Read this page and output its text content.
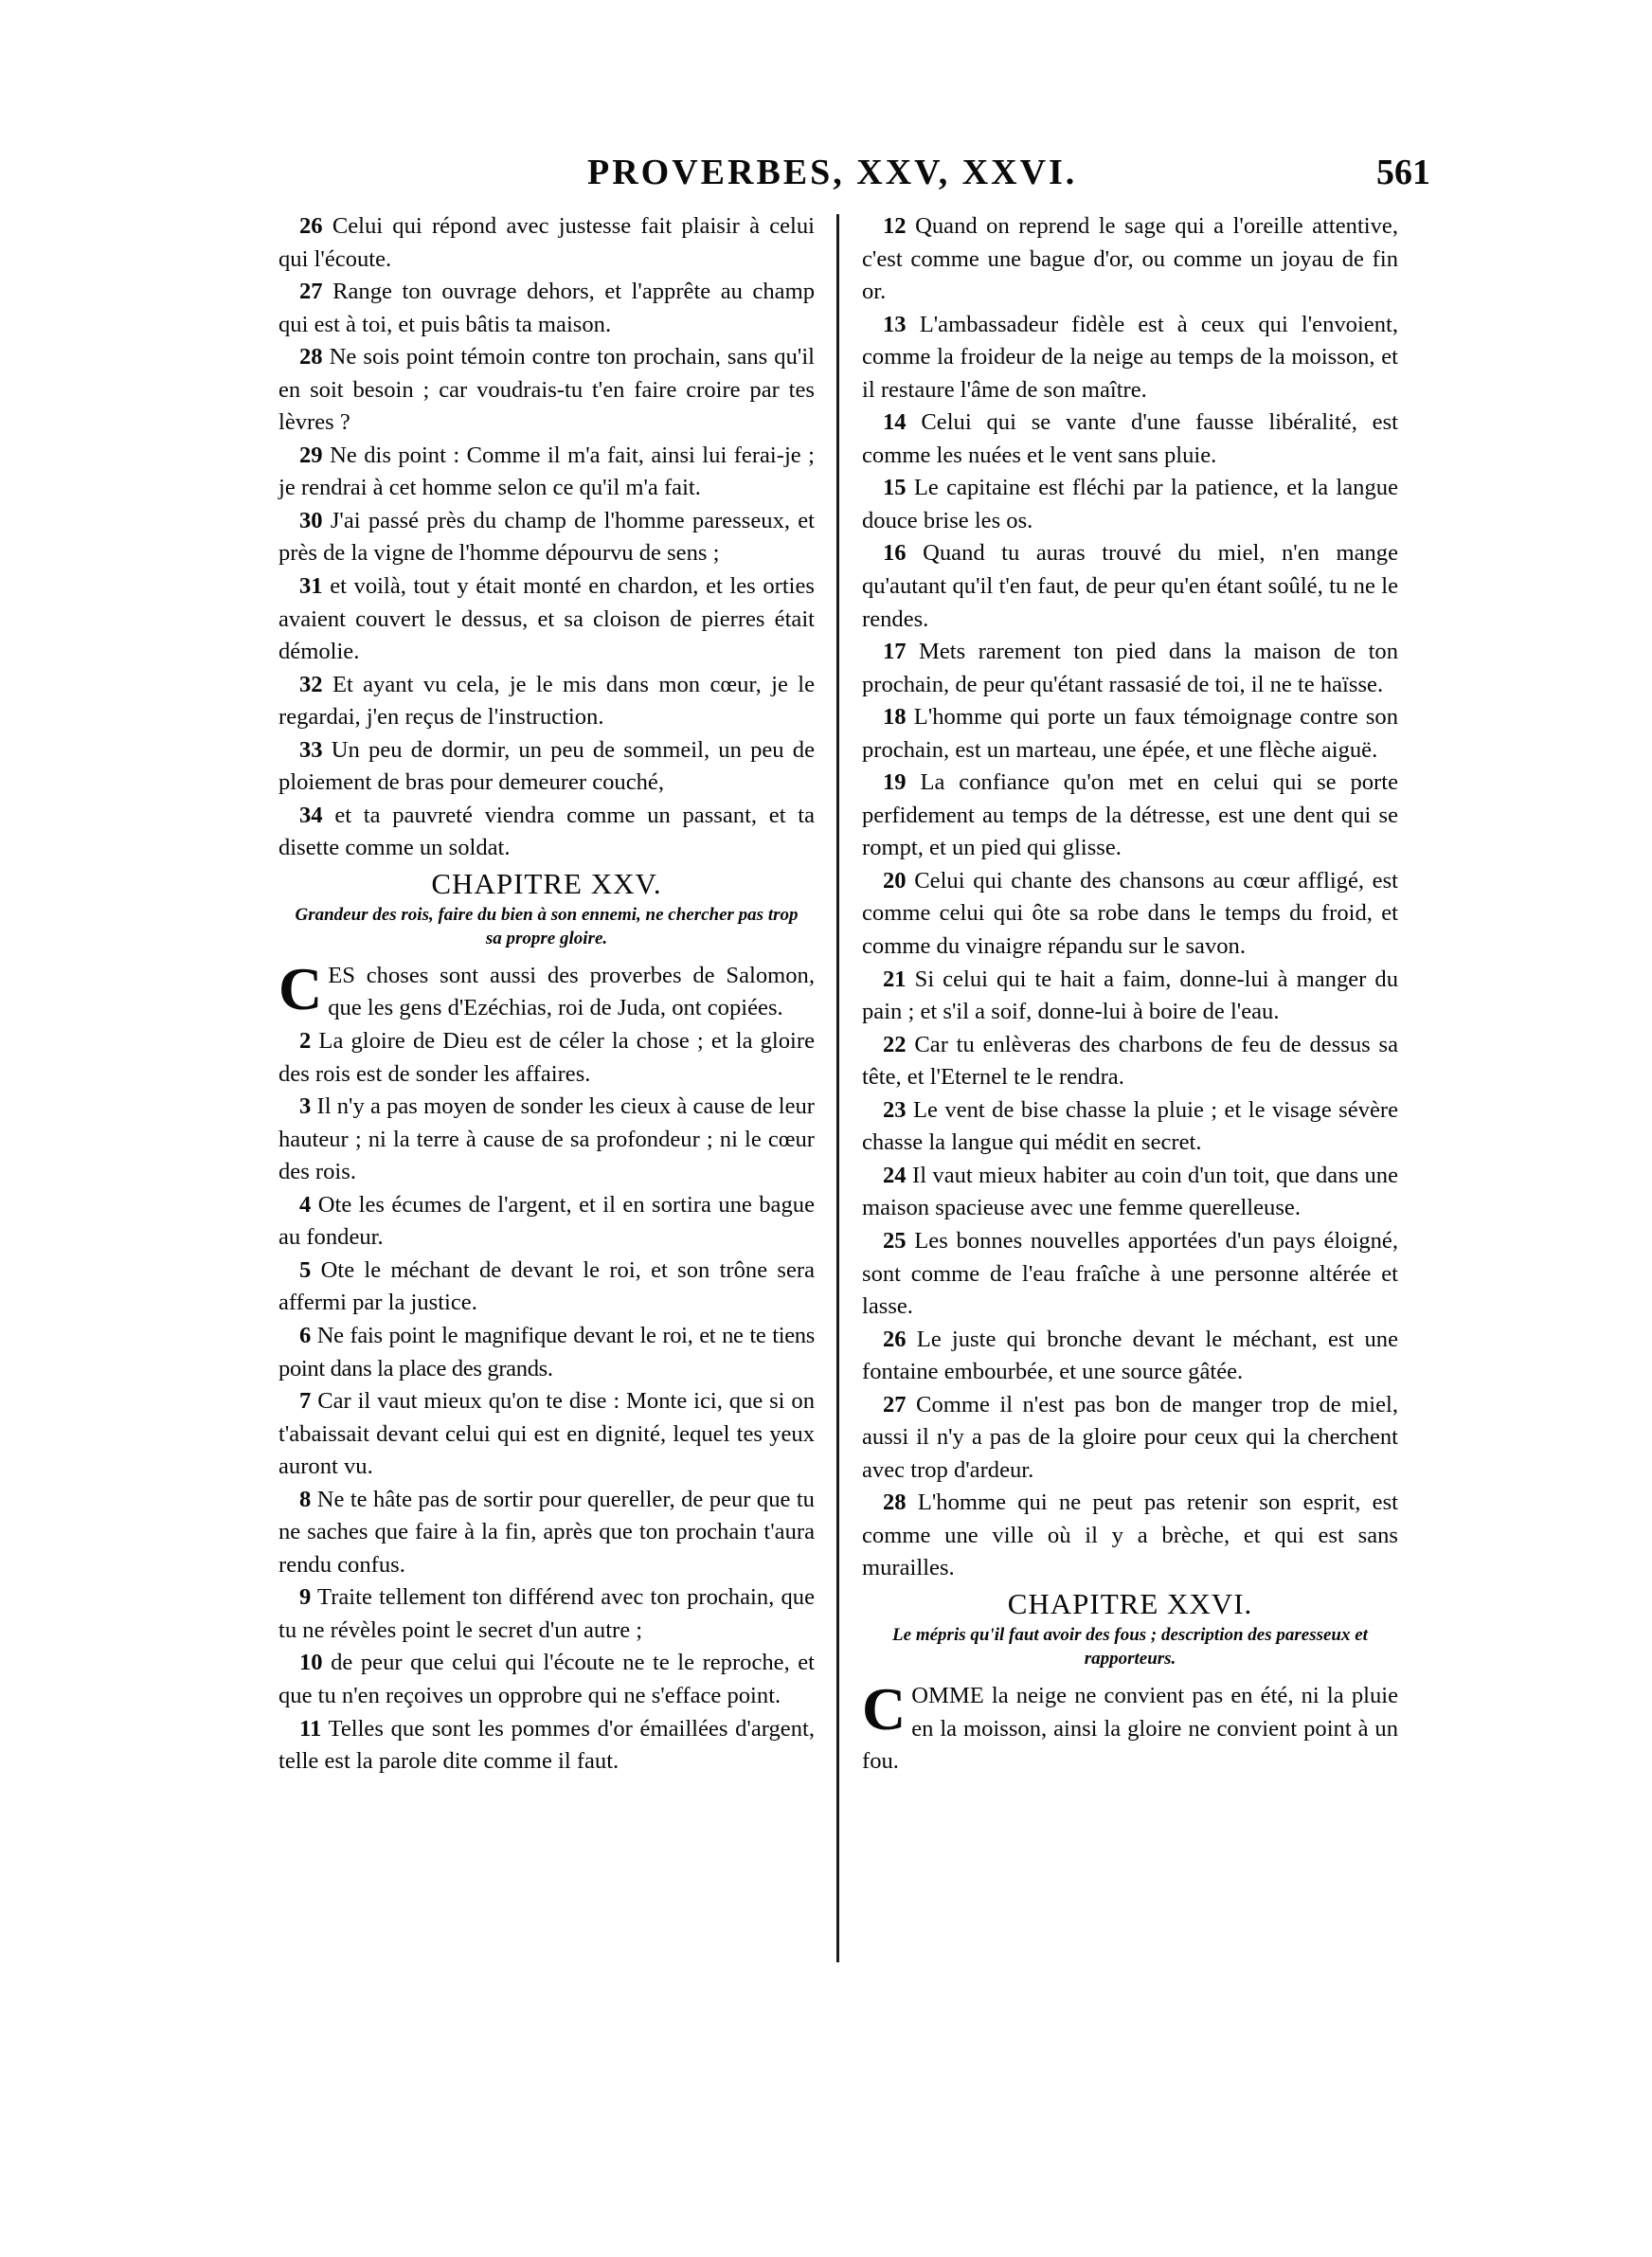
PROVERBES, XXV, XXVI.	561

26 Celui qui répond avec justesse fait plaisir à celui qui l'écoute.

27 Range ton ouvrage dehors, et l'apprête au champ qui est à toi, et puis bâtis ta maison.

28 Ne sois point témoin contre ton prochain, sans qu'il en soit besoin ; car voudrais-tu t'en faire croire par tes lèvres ?

29 Ne dis point : Comme il m'a fait, ainsi lui ferai-je ; je rendrai à cet homme selon ce qu'il m'a fait.

30 J'ai passé près du champ de l'homme paresseux, et près de la vigne de l'homme dépourvu de sens ;

31 et voilà, tout y était monté en chardon, et les orties avaient couvert le dessus, et sa cloison de pierres était démolie.

32 Et ayant vu cela, je le mis dans mon cœur, je le regardai, j'en reçus de l'instruction.

33 Un peu de dormir, un peu de sommeil, un peu de ploiement de bras pour demeurer couché,

34 et ta pauvreté viendra comme un passant, et ta disette comme un soldat.

CHAPITRE XXV.

Grandeur des rois, faire du bien à son ennemi, ne chercher pas trop sa propre gloire.

CES choses sont aussi des proverbes de Salomon, que les gens d'Ezéchias, roi de Juda, ont copiées.

2 La gloire de Dieu est de céler la chose ; et la gloire des rois est de sonder les affaires.

3 Il n'y a pas moyen de sonder les cieux à cause de leur hauteur ; ni la terre à cause de sa profondeur ; ni le cœur des rois.

4 Ote les écumes de l'argent, et il en sortira une bague au fondeur.

5 Ote le méchant de devant le roi, et son trône sera affermi par la justice.

6 Ne fais point le magnifique devant le roi, et ne te tiens point dans la place des grands.

7 Car il vaut mieux qu'on te dise : Monte ici, que si on t'abaissait devant celui qui est en dignité, lequel tes yeux auront vu.

8 Ne te hâte pas de sortir pour quereller, de peur que tu ne saches que faire à la fin, après que ton prochain t'aura rendu confus.

9 Traite tellement ton différend avec ton prochain, que tu ne révèles point le secret d'un autre ;

10 de peur que celui qui l'écoute ne te le reproche, et que tu n'en reçoives un opprobre qui ne s'efface point.

11 Telles que sont les pommes d'or émaillées d'argent, telle est la parole dite comme il faut.

12 Quand on reprend le sage qui a l'oreille attentive, c'est comme une bague d'or, ou comme un joyau de fin or.

13 L'ambassadeur fidèle est à ceux qui l'envoient, comme la froideur de la neige au temps de la moisson, et il restaure l'âme de son maître.

14 Celui qui se vante d'une fausse libéralité, est comme les nuées et le vent sans pluie.

15 Le capitaine est fléchi par la patience, et la langue douce brise les os.

16 Quand tu auras trouvé du miel, n'en mange qu'autant qu'il t'en faut, de peur qu'en étant soûlé, tu ne le rendes.

17 Mets rarement ton pied dans la maison de ton prochain, de peur qu'étant rassasié de toi, il ne te haïsse.

18 L'homme qui porte un faux témoignage contre son prochain, est un marteau, une épée, et une flèche aiguë.

19 La confiance qu'on met en celui qui se porte perfidement au temps de la détresse, est une dent qui se rompt, et un pied qui glisse.

20 Celui qui chante des chansons au cœur affligé, est comme celui qui ôte sa robe dans le temps du froid, et comme du vinaigre répandu sur le savon.

21 Si celui qui te hait a faim, donne-lui à manger du pain ; et s'il a soif, donne-lui à boire de l'eau.

22 Car tu enlèveras des charbons de feu de dessus sa tête, et l'Eternel te le rendra.

23 Le vent de bise chasse la pluie ; et le visage sévère chasse la langue qui médit en secret.

24 Il vaut mieux habiter au coin d'un toit, que dans une maison spacieuse avec une femme querelleuse.

25 Les bonnes nouvelles apportées d'un pays éloigné, sont comme de l'eau fraîche à une personne altérée et lasse.

26 Le juste qui bronche devant le méchant, est une fontaine embourbée, et une source gâtée.

27 Comme il n'est pas bon de manger trop de miel, aussi il n'y a pas de la gloire pour ceux qui la cherchent avec trop d'ardeur.

28 L'homme qui ne peut pas retenir son esprit, est comme une ville où il y a brèche, et qui est sans murailles.

CHAPITRE XXVI.

Le mépris qu'il faut avoir des fous ; description des paresseux et rapporteurs.

COMME la neige ne convient pas en été, ni la pluie en la moisson, ainsi la gloire ne convient point à un fou.
